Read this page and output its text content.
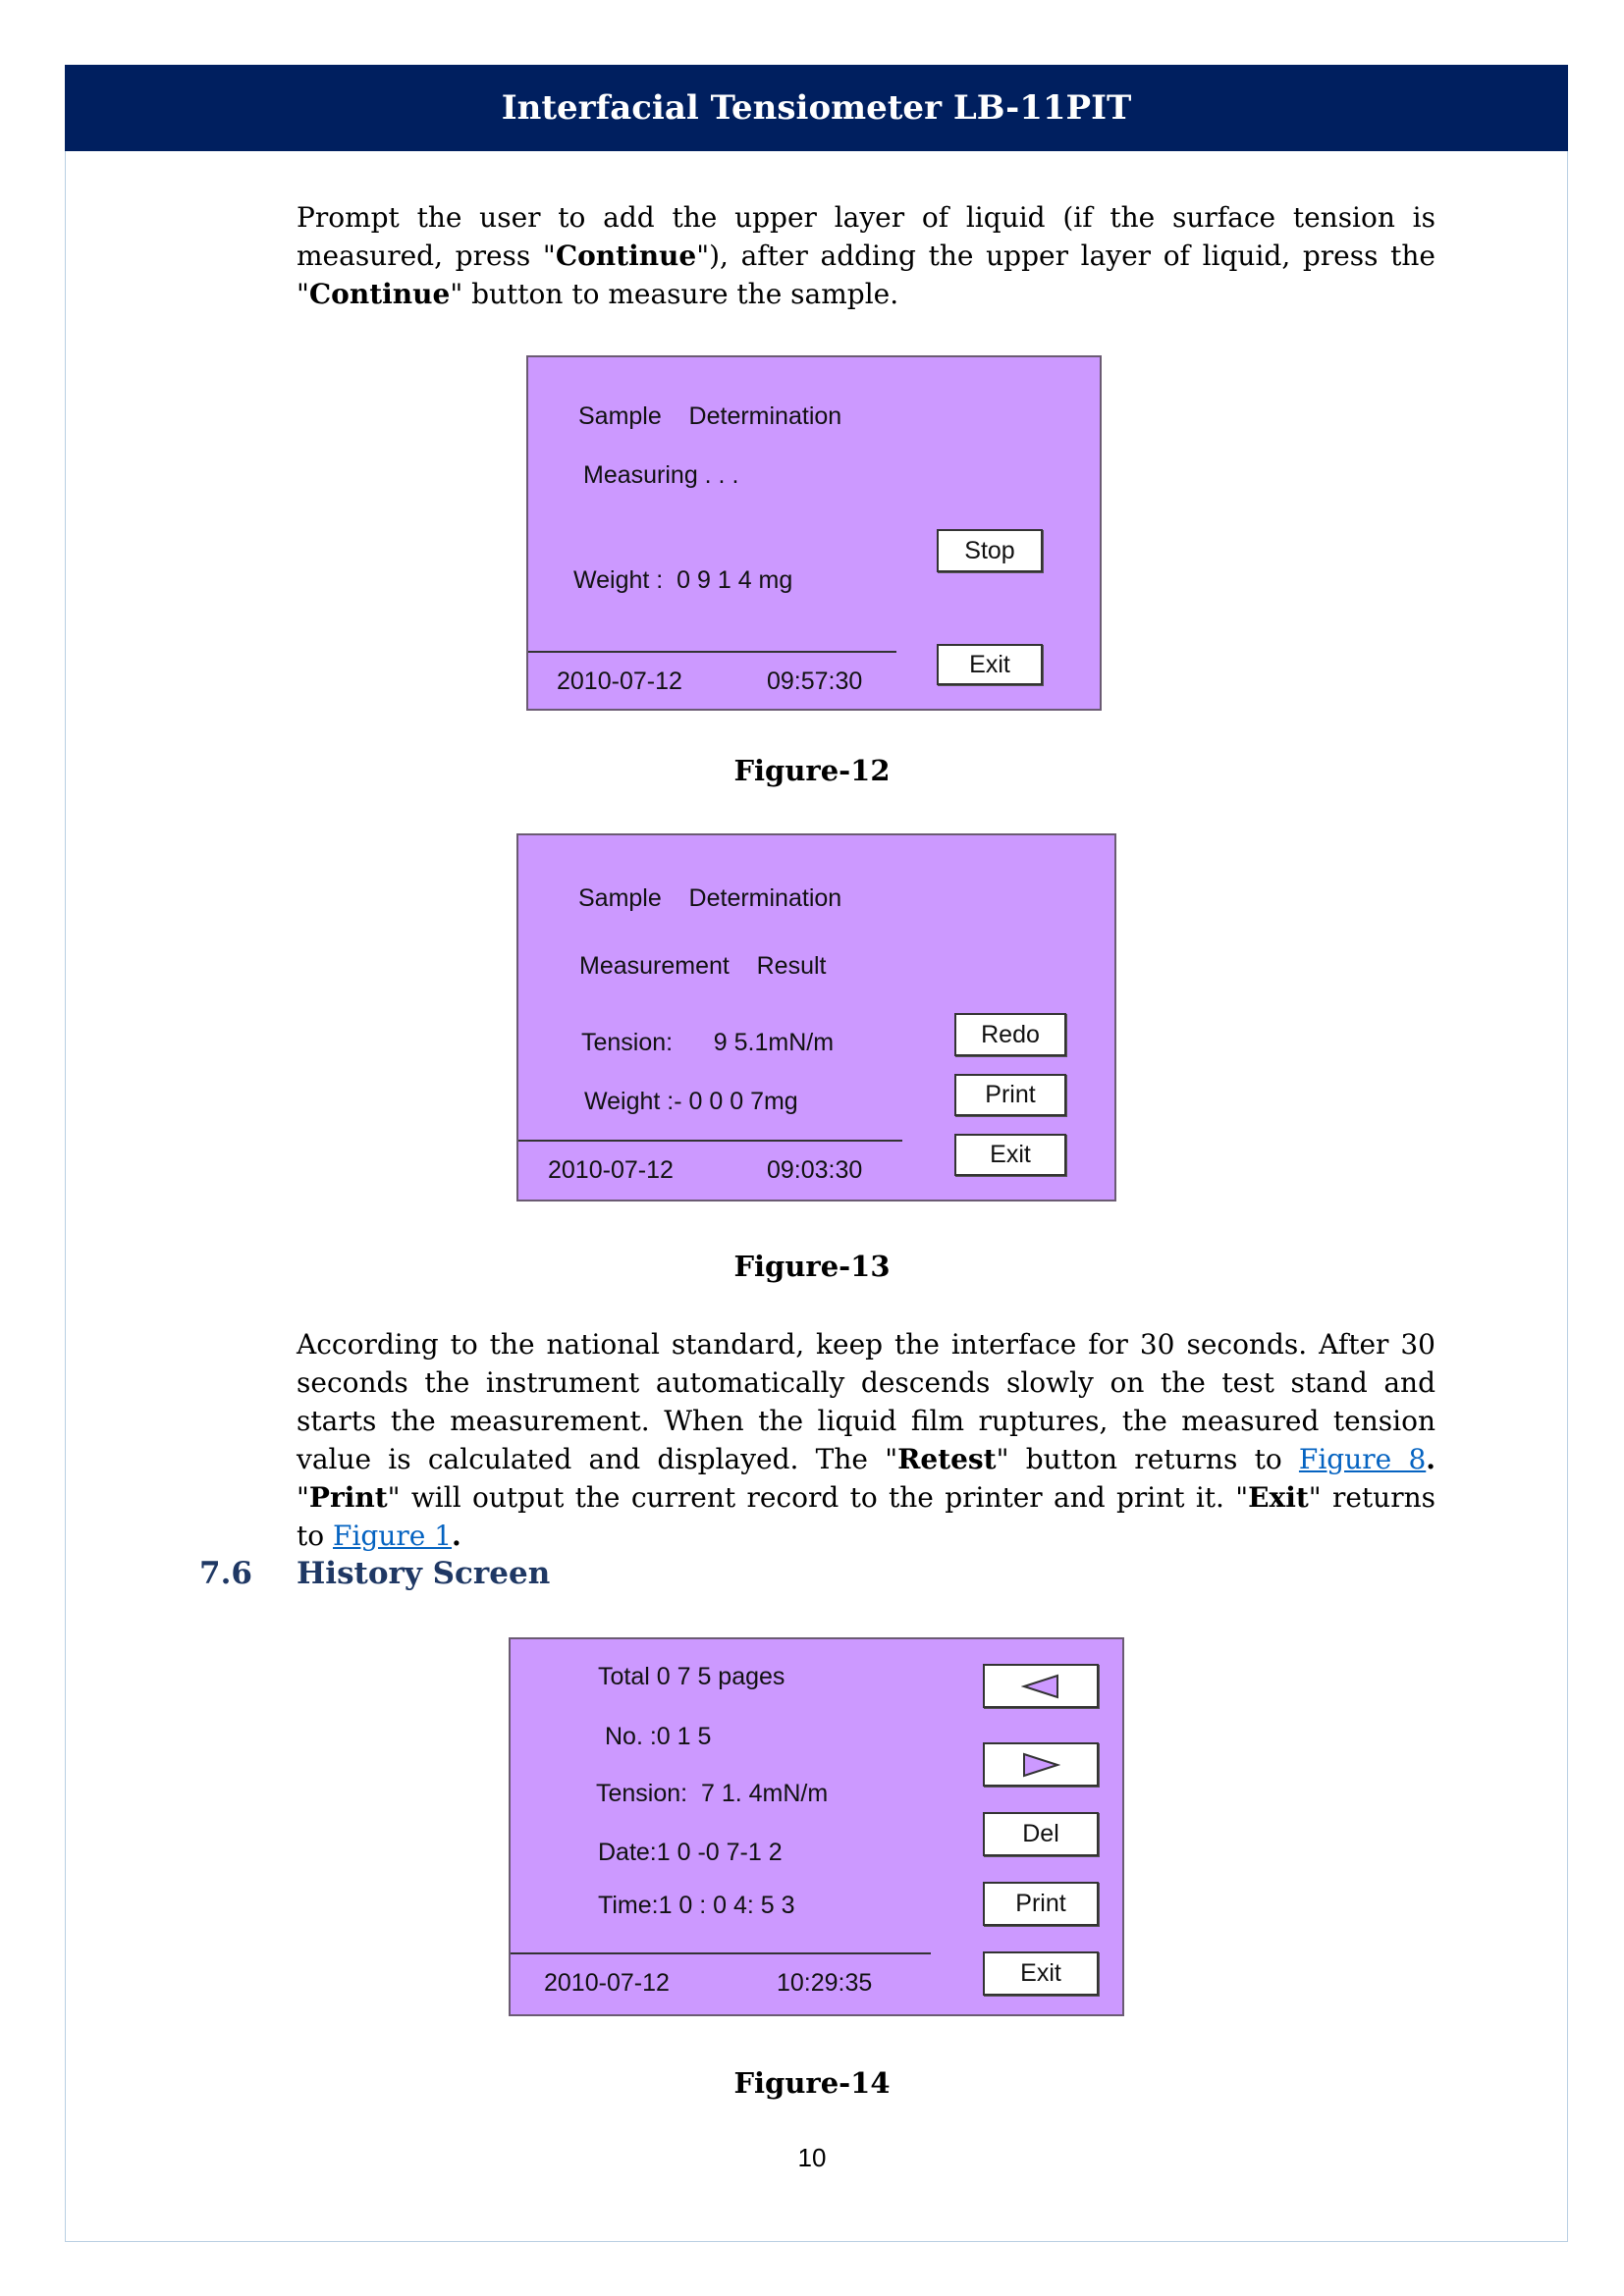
Interfacial Tensiometer LB-11PIT

Prompt the user to add the upper layer of liquid (if the surface tension is measured, press "Continue"), after adding the upper layer of liquid, press the "Continue" button to measure the sample.

Sample    Determination
Measuring . . .
Weight :  0 9 1 4 mg
2010-07-12	09:57:30
Stop
Exit
Figure-12
Sample    Determination
Measurement    Result
Tension:      9 5.1mN/m
Weight :- 0 0 0 7mg
2010-07-12	09:03:30
Redo
Print
Exit
Figure-13

According to the national standard, keep the interface for 30 seconds. After 30 seconds the instrument automatically descends slowly on the test stand and starts the measurement. When the liquid film ruptures, the measured tension value is calculated and displayed. The "Retest" button returns to Figure 8. "Print" will output the current record to the printer and print it. "Exit" returns to Figure 1.

7.6 History Screen
Total 0 7 5 pages
No. :0 1 5
Tension:  7 1. 4mN/m
Date:1 0 -0 7-1 2
Time:1 0 : 0 4: 5 3
2010-07-12	10:29:35
Del
Print
Exit
Figure-14
10
